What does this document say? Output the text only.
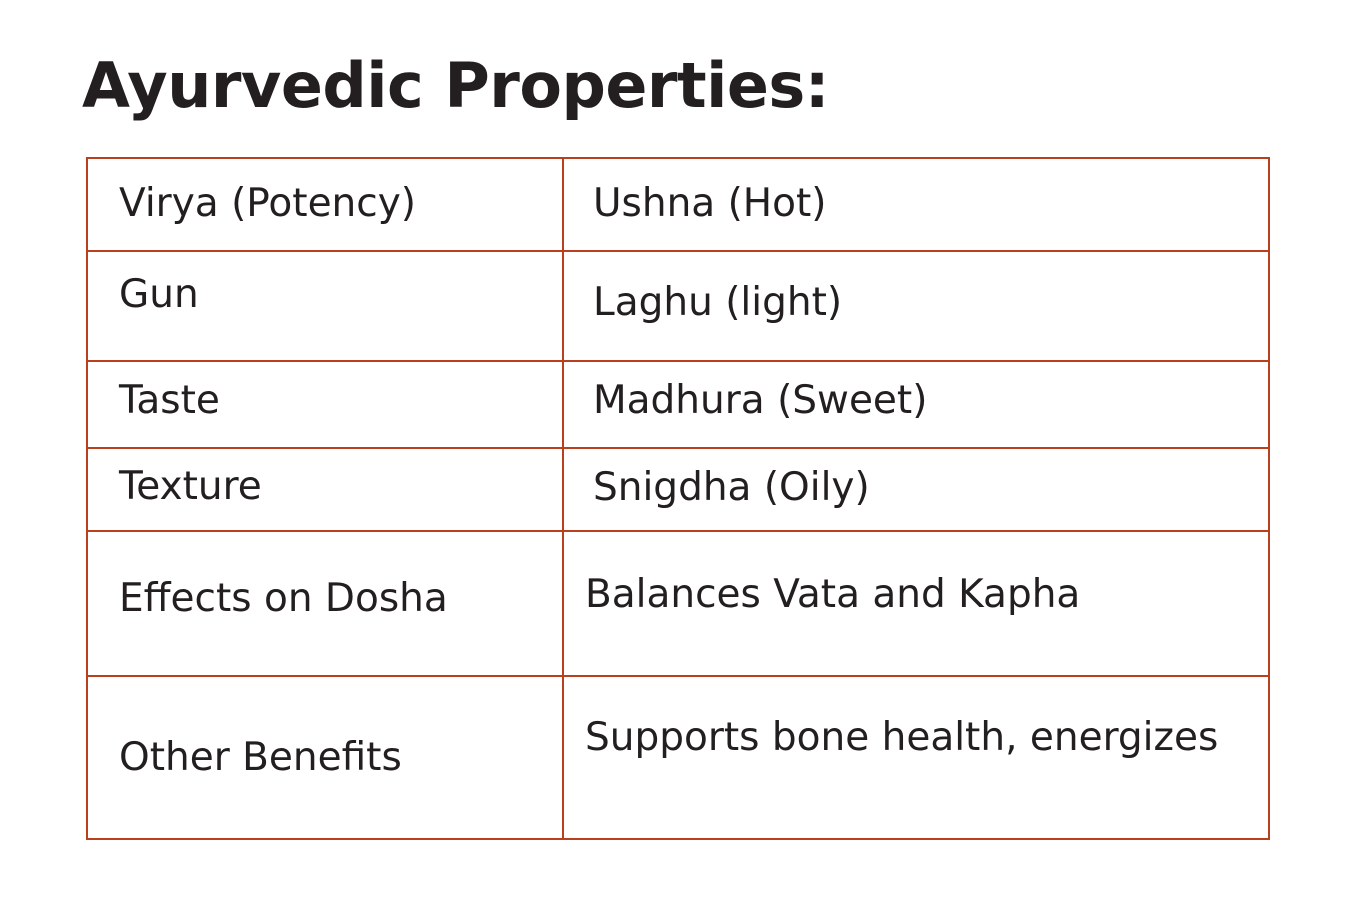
Ayurvedic Properties:
Virya (Potency)	Ushna (Hot)

Gun	Laghu (light)

Taste	Madhura (Sweet)

Texture	Snigdha (Oily)

Effects on Dosha	Balances Vata and Kapha

Other Benefits	Supports bone health, energizes
